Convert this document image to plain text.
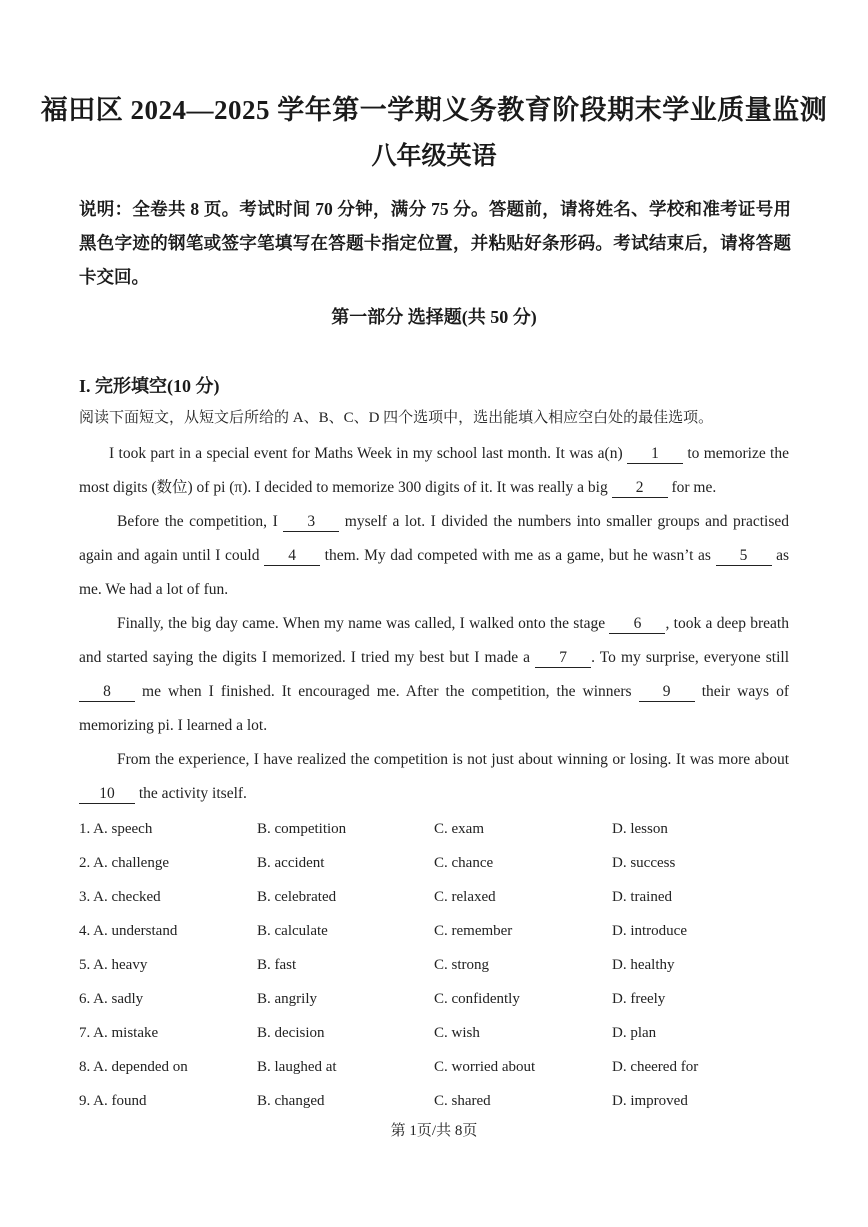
福田区 2024—2025 学年第一学期义务教育阶段期末学业质量监测
八年级英语
说明：全卷共 8 页。考试时间 70 分钟，满分 75 分。答题前，请将姓名、学校和准考证号用黑色字迹的钢笔或签字笔填写在答题卡指定位置，并粘贴好条形码。考试结束后，请将答题卡交回。
第一部分 选择题(共 50 分)
I. 完形填空(10 分)
阅读下面短文，从短文后所给的 A、B、C、D 四个选项中，选出能填入相应空白处的最佳选项。

I took part in a special event for Maths Week in my school last month. It was a(n) 1 to memorize the most digits (数位) of pi (π). I decided to memorize 300 digits of it. It was really a big 2 for me.

Before the competition, I 3 myself a lot. I divided the numbers into smaller groups and practised again and again until I could 4 them. My dad competed with me as a game, but he wasn’t as 5 as me. We had a lot of fun.

Finally, the big day came. When my name was called, I walked onto the stage 6 , took a deep breath and started saying the digits I memorized. I tried my best but I made a 7 . To my surprise, everyone still 8 me when I finished. It encouraged me. After the competition, the winners 9 their ways of memorizing pi. I learned a lot.

From the experience, I have realized the competition is not just about winning or losing. It was more about 10 the activity itself.

1. A. speech	B. competition	C. exam	D. lesson
2. A. challenge	B. accident	C. chance	D. success
3. A. checked	B. celebrated	C. relaxed	D. trained
4. A. understand	B. calculate	C. remember	D. introduce
5. A. heavy	B. fast	C. strong	D. healthy
6. A. sadly	B. angrily	C. confidently	D. freely
7. A. mistake	B. decision	C. wish	D. plan
8. A. depended on	B. laughed at	C. worried about	D. cheered for
9. A. found	B. changed	C. shared	D. improved
第 1页/共 8页
